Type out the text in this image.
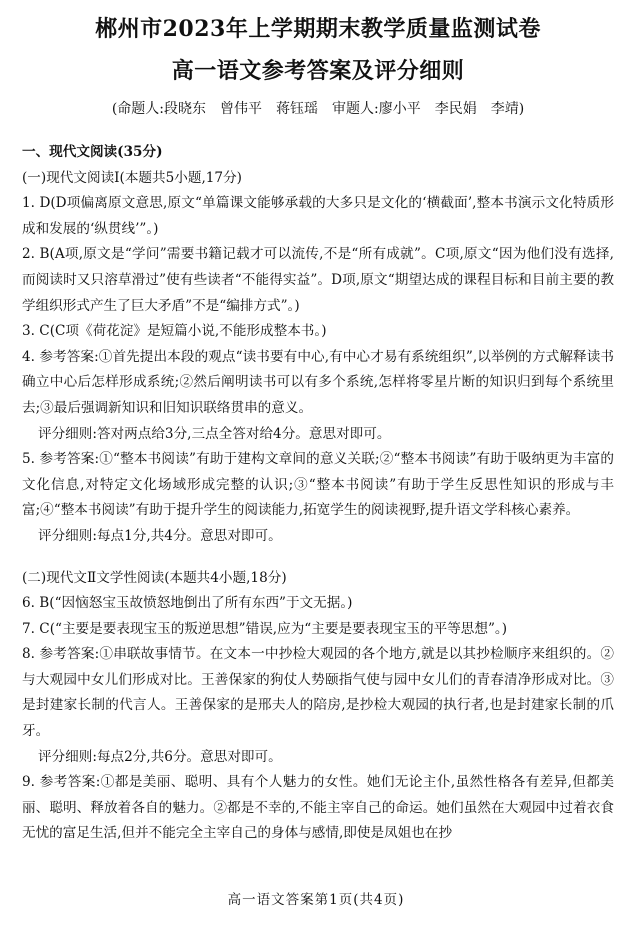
郴州市2023年上学期期末教学质量监测试卷
高一语文参考答案及评分细则

(命题人:段晓东　曾伟平　蒋钰瑶　审题人:廖小平　李民娟　李靖)

一、现代文阅读(35分)

(一)现代文阅读Ⅰ(本题共5小题,17分)

1. D(D项偏离原文意思,原文“单篇课文能够承载的大多只是文化的‘横截面’,整本书演示文化特质形成和发展的‘纵贯线’”。)

2. B(A项,原文是“学问”需要书籍记载才可以流传,不是“所有成就”。C项,原文“因为他们没有选择,而阅读时又只溶草滑过”使有些读者“不能得实益”。D项,原文“期望达成的课程目标和目前主要的教学组织形式产生了巨大矛盾”不是“编排方式”。)

3. C(C项《荷花淀》是短篇小说,不能形成整本书。)

4. 参考答案:①首先提出本段的观点“读书要有中心,有中心才易有系统组织”,以举例的方式解释读书确立中心后怎样形成系统;②然后阐明读书可以有多个系统,怎样将零星片断的知识归到每个系统里去;③最后强调新知识和旧知识联络贯串的意义。

评分细则:答对两点给3分,三点全答对给4分。意思对即可。

5. 参考答案:①“整本书阅读”有助于建构文章间的意义关联;②“整本书阅读”有助于吸纳更为丰富的文化信息,对特定文化场域形成完整的认识;③“整本书阅读”有助于学生反思性知识的形成与丰富;④“整本书阅读”有助于提升学生的阅读能力,拓宽学生的阅读视野,提升语文学科核心素养。

评分细则:每点1分,共4分。意思对即可。

(二)现代文Ⅱ文学性阅读(本题共4小题,18分)

6. B(“因恼怒宝玉故愤怒地倒出了所有东西”于文无据。)

7. C(“主要是要表现宝玉的叛逆思想”错误,应为“主要是要表现宝玉的平等思想”。)

8. 参考答案:①串联故事情节。在文本一中抄检大观园的各个地方,就是以其抄检顺序来组织的。②与大观园中女儿们形成对比。王善保家的狗仗人势颐指气使与园中女儿们的青春清净形成对比。③是封建家长制的代言人。王善保家的是邢夫人的陪房,是抄检大观园的执行者,也是封建家长制的爪牙。

评分细则:每点2分,共6分。意思对即可。

9. 参考答案:①都是美丽、聪明、具有个人魅力的女性。她们无论主仆,虽然性格各有差异,但都美丽、聪明、释放着各自的魅力。②都是不幸的,不能主宰自己的命运。她们虽然在大观园中过着衣食无忧的富足生活,但并不能完全主宰自己的身体与感情,即使是凤姐也在抄

高一语文答案第1页(共4页)
